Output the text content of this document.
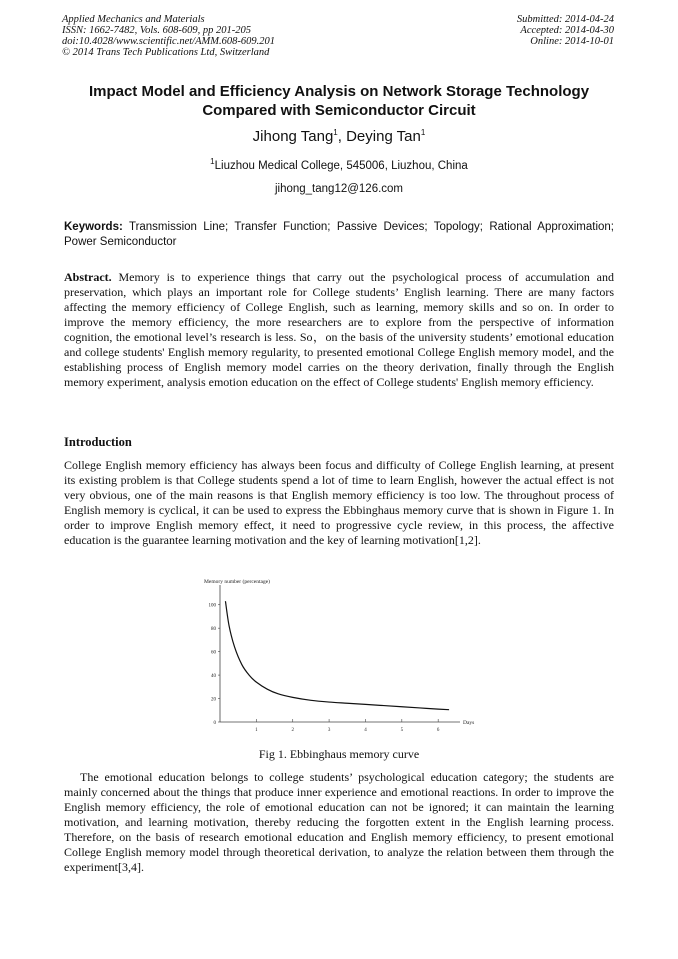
Applied Mechanics and Materials
ISSN: 1662-7482, Vols. 608-609, pp 201-205
doi:10.4028/www.scientific.net/AMM.608-609.201
© 2014 Trans Tech Publications Ltd, Switzerland
Submitted: 2014-04-24
Accepted: 2014-04-30
Online: 2014-10-01
Impact Model and Efficiency Analysis on Network Storage Technology
Compared with Semiconductor Circuit
Jihong Tang$^1$, Deying Tan$^1$
$^1$Liuzhou Medical College, 545006, Liuzhou, China
jihong_tang12@126.com
Keywords: Transmission Line; Transfer Function; Passive Devices; Topology; Rational Approximation; Power Semiconductor
Abstract. Memory is to experience things that carry out the psychological process of accumulation and preservation, which plays an important role for College students’ English learning. There are many factors affecting the memory efficiency of College English, such as learning, memory skills and so on. In order to improve the memory efficiency, the more researchers are to explore from the perspective of information cognition, the emotional level’s research is less. So，on the basis of the university students’ emotional education and college students' English memory regularity, to presented emotional College English memory model, and the establishing process of English memory model carries on the theory derivation, finally through the English memory experiment, analysis emotion education on the effect of College students' English memory efficiency.
Introduction
College English memory efficiency has always been focus and difficulty of College English learning, at present its existing problem is that College students spend a lot of time to learn English, however the actual effect is not very obvious, one of the main reasons is that English memory efficiency is too low. The throughout process of English memory is cyclical, it can be used to express the Ebbinghaus memory curve that is shown in Figure 1. In order to improve English memory effect, it need to progressive cycle review, in this process, the affective education is the guarantee learning motivation and the key of learning motivation[1,2].
Memory number (percentage)
Days
0
20
40
60
80
100
1	2	3	4	5	6
Fig 1. Ebbinghaus memory curve
The emotional education belongs to college students’ psychological education category; the students are mainly concerned about the things that produce inner experience and emotional reactions. In order to improve the English memory efficiency, the role of emotional education can not be ignored; it can maintain the learning motivation, and learning motivation, thereby reducing the forgotten extent in the English learning process. Therefore, on the basis of research emotional education and English memory efficiency, to present emotional College English memory model through theoretical derivation, to analyze the relation between them through the experiment[3,4].
